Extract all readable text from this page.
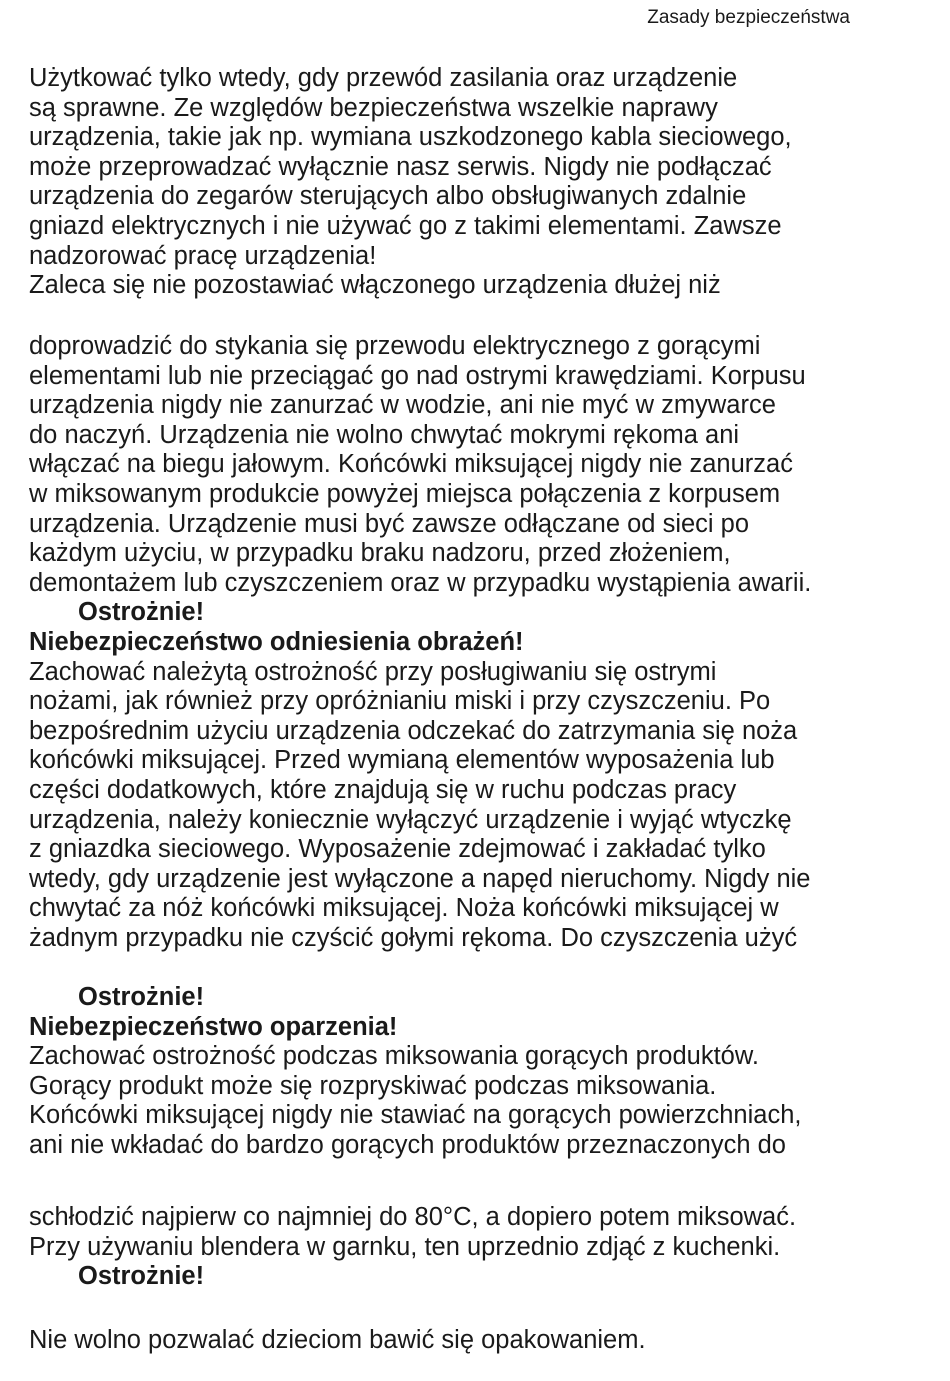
Zasady bezpieczeństwa
Użytkować tylko wtedy, gdy przewód zasilania oraz urządzenie
są sprawne. Ze względów bezpieczeństwa wszelkie naprawy
urządzenia, takie jak np. wymiana uszkodzonego kabla sieciowego,
może przeprowadzać wyłącznie nasz serwis. Nigdy nie podłączać
urządzenia do zegarów sterujących albo obsługiwanych zdalnie
gniazd elektrycznych i nie używać go z takimi elementami. Zawsze
nadzorować pracę urządzenia!
Zaleca się nie pozostawiać włączonego urządzenia dłużej niż
doprowadzić do stykania się przewodu elektrycznego z gorącymi
elementami lub nie przeciągać go nad ostrymi krawędziami. Korpusu
urządzenia nigdy nie zanurzać w wodzie, ani nie myć w zmywarce
do naczyń. Urządzenia nie wolno chwytać mokrymi rękoma ani
włączać na biegu jałowym. Końcówki miksującej nigdy nie zanurzać
w miksowanym produkcie powyżej miejsca połączenia z korpusem
urządzenia. Urządzenie musi być zawsze odłączane od sieci po
każdym użyciu, w przypadku braku nadzoru, przed złożeniem,
demontażem lub czyszczeniem oraz w przypadku wystąpienia awarii.
Ostrożnie!
Niebezpieczeństwo odniesienia obrażeń!
Zachować należytą ostrożność przy posługiwaniu się ostrymi
nożami, jak również przy opróżnianiu miski i przy czyszczeniu. Po
bezpośrednim użyciu urządzenia odczekać do zatrzymania się noża
końcówki miksującej. Przed wymianą elementów wyposażenia lub
części dodatkowych, które znajdują się w ruchu podczas pracy
urządzenia, należy koniecznie wyłączyć urządzenie i wyjąć wtyczkę
z gniazdka sieciowego. Wyposażenie zdejmować i zakładać tylko
wtedy, gdy urządzenie jest wyłączone a napęd nieruchomy. Nigdy nie
chwytać za nóż końcówki miksującej. Noża końcówki miksującej w
żadnym przypadku nie czyścić gołymi rękoma. Do czyszczenia użyć
Ostrożnie!
Niebezpieczeństwo oparzenia!
Zachować ostrożność podczas miksowania gorących produktów.
Gorący produkt może się rozpryskiwać podczas miksowania.
Końcówki miksującej nigdy nie stawiać na gorących powierzchniach,
ani nie wkładać do bardzo gorących produktów przeznaczonych do
schłodzić najpierw co najmniej do 80°C, a dopiero potem miksować.
Przy używaniu blendera w garnku, ten uprzednio zdjąć z kuchenki.
Ostrożnie!
Nie wolno pozwalać dzieciom bawić się opakowaniem.
